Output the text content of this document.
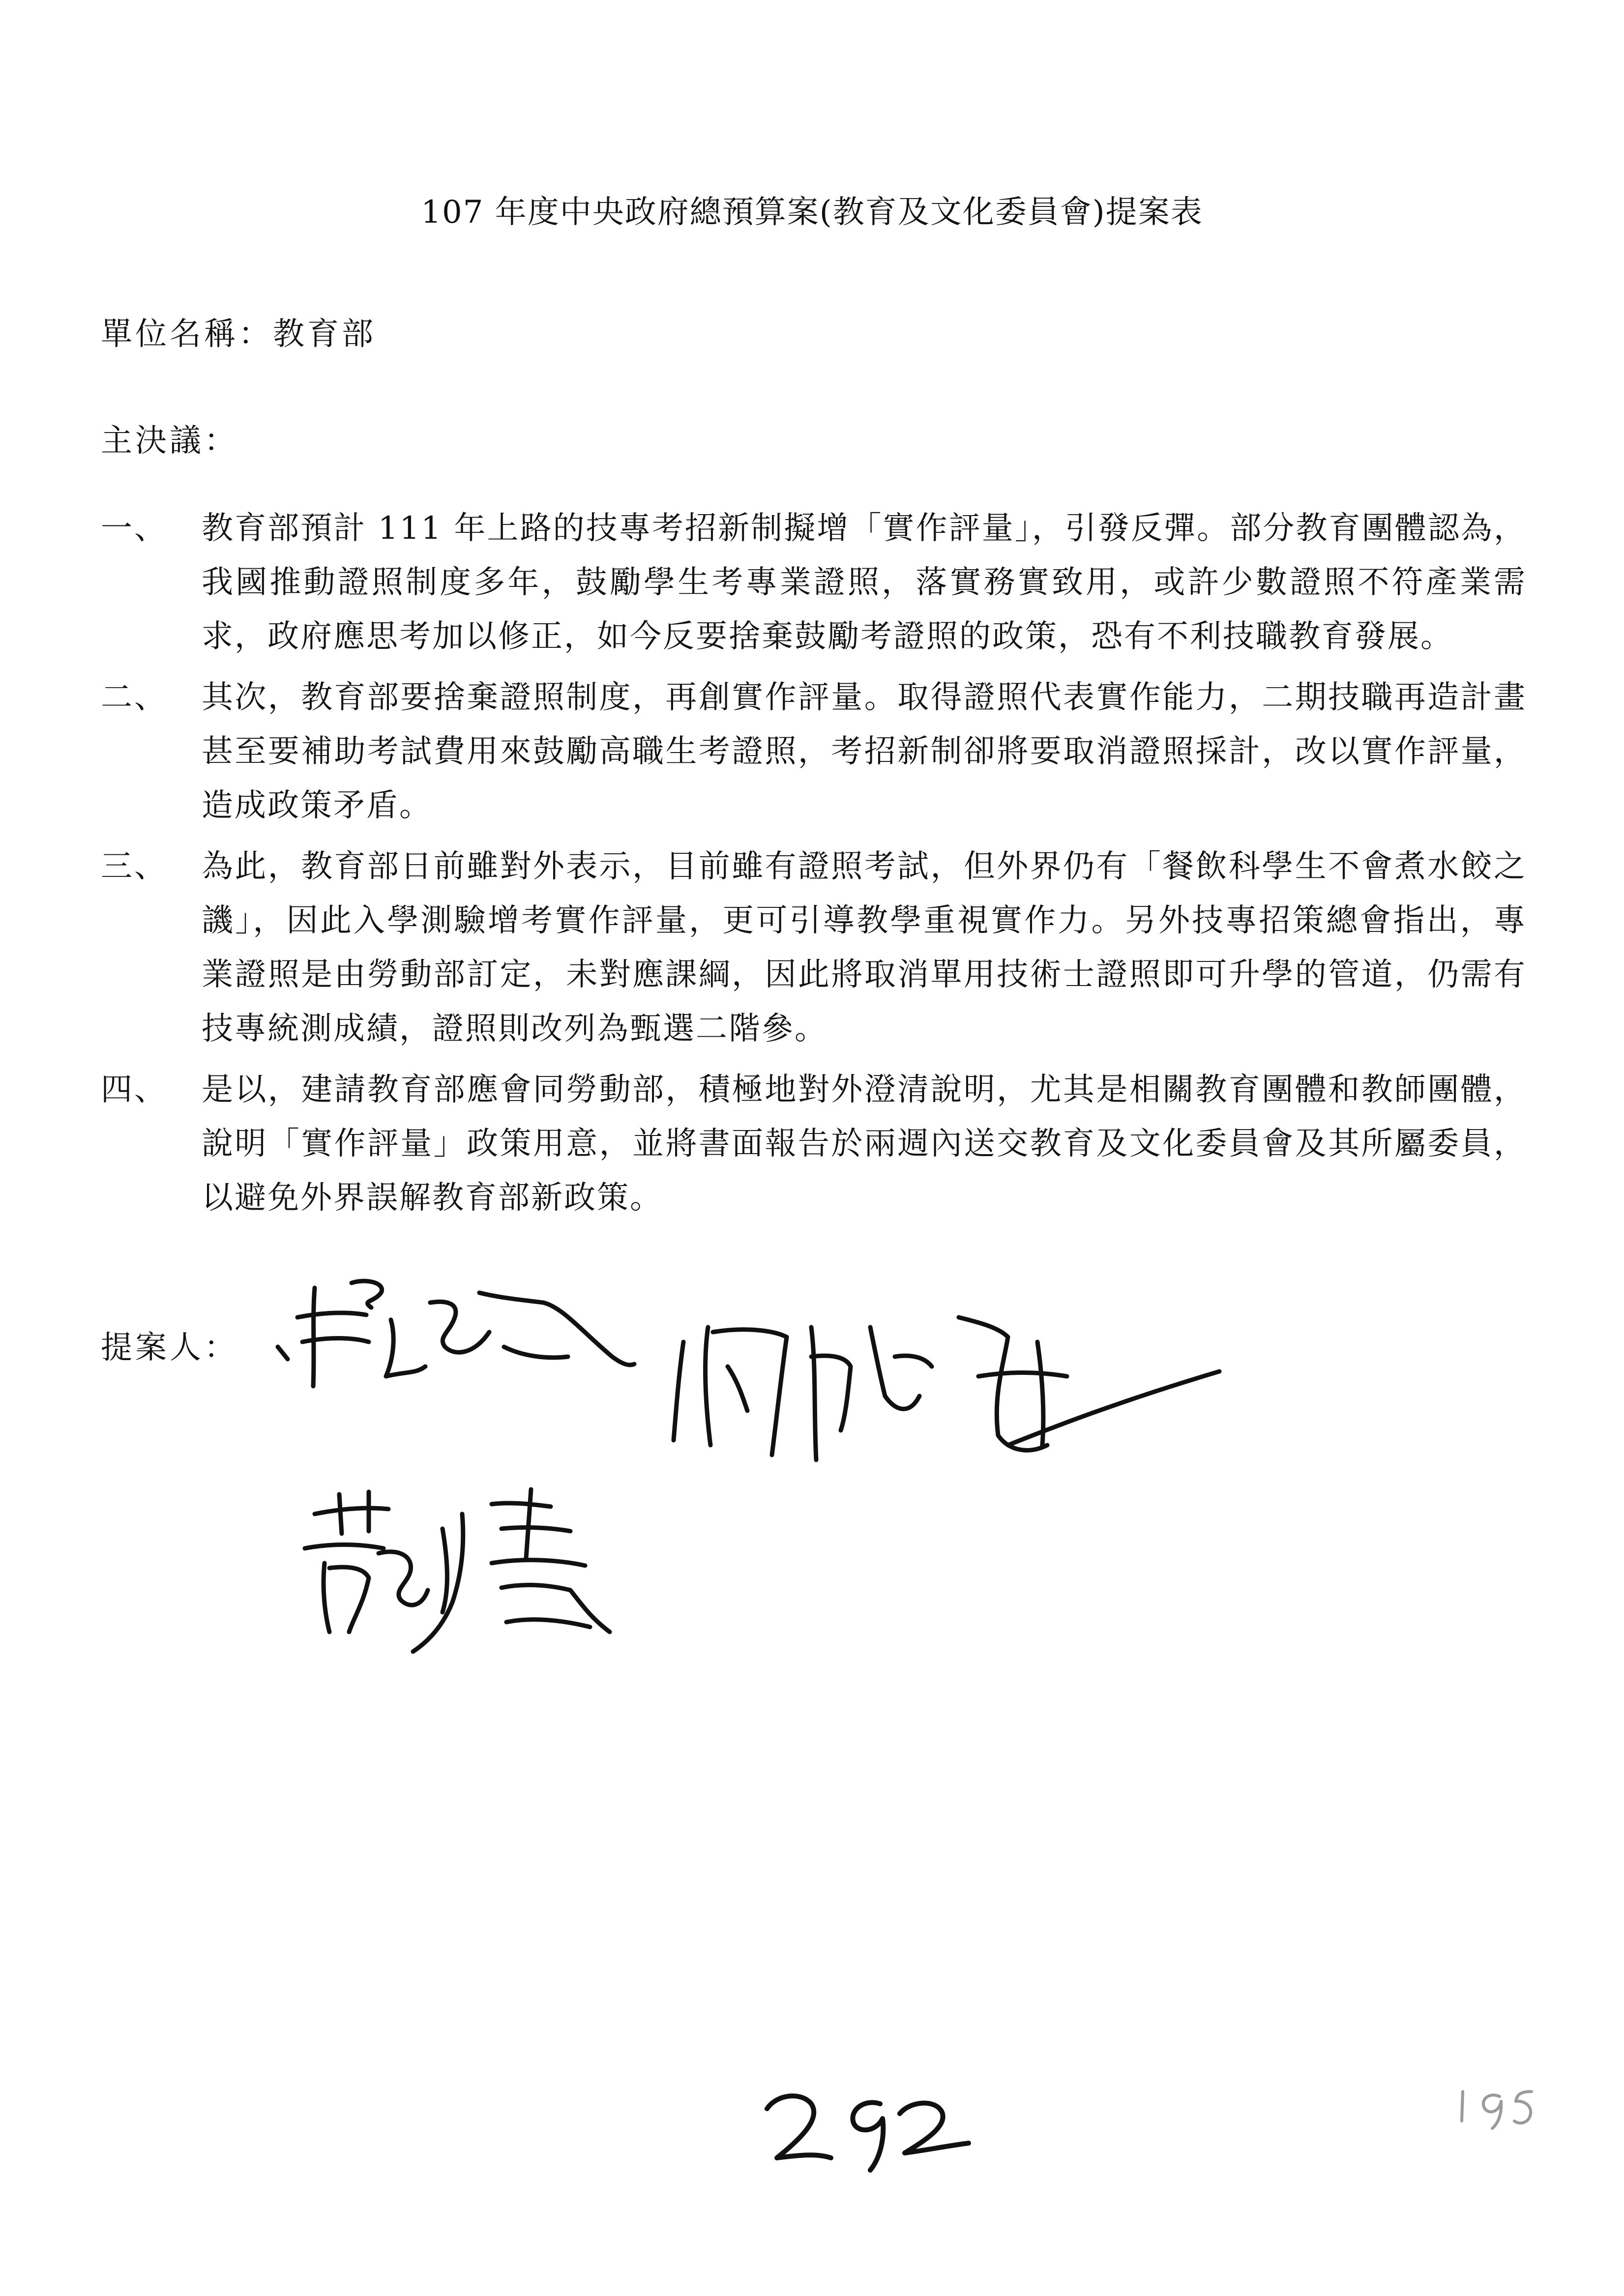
107 年度中央政府總預算案(教育及文化委員會)提案表

單位名稱：教育部

主決議：

一、	教育部預計 111 年上路的技專考招新制擬增「實作評量」，引發反彈。部分教育團體認為，我國推動證照制度多年，鼓勵學生考專業證照，落實務實致用，或許少數證照不符產業需求，政府應思考加以修正，如今反要捨棄鼓勵考證照的政策，恐有不利技職教育發展。
二、	其次，教育部要捨棄證照制度，再創實作評量。取得證照代表實作能力，二期技職再造計畫甚至要補助考試費用來鼓勵高職生考證照，考招新制卻將要取消證照採計，改以實作評量，造成政策矛盾。
三、	為此，教育部日前雖對外表示，目前雖有證照考試，但外界仍有「餐飲科學生不會煮水餃之譏」，因此入學測驗增考實作評量，更可引導教學重視實作力。另外技專招策總會指出，專業證照是由勞動部訂定，未對應課綱，因此將取消單用技術士證照即可升學的管道，仍需有技專統測成績，證照則改列為甄選二階參。
四、	是以，建請教育部應會同勞動部，積極地對外澄清說明，尤其是相關教育團體和教師團體，說明「實作評量」政策用意，並將書面報告於兩週內送交教育及文化委員會及其所屬委員，以避免外界誤解教育部新政策。

提案人：
